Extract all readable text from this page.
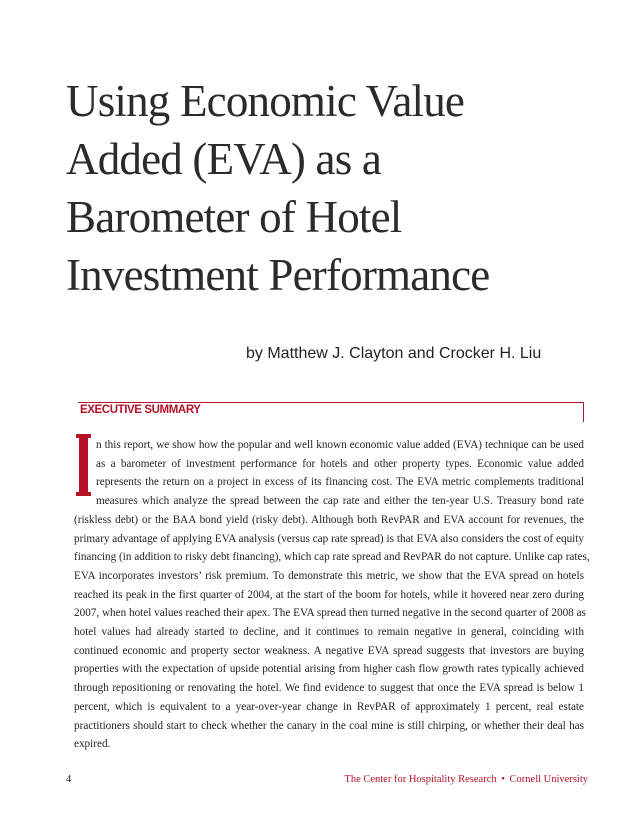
Using Economic Value
Added (EVA) as a
Barometer of Hotel
Investment Performance
by Matthew J. Clayton and Crocker H. Liu
EXECUTIVE SUMMARY
n this report, we show how the popular and well known economic value added (EVA) technique can be used
as a barometer of investment performance for hotels and other property types. Economic value added
represents the return on a project in excess of its financing cost. The EVA metric complements traditional
measures which analyze the spread between the cap rate and either the ten-year U.S. Treasury bond rate
(riskless debt) or the BAA bond yield (risky debt). Although both RevPAR and EVA account for revenues, the
primary advantage of applying EVA analysis (versus cap rate spread) is that EVA also considers the cost of equity
financing (in addition to risky debt financing), which cap rate spread and RevPAR do not capture. Unlike cap rates,
EVA incorporates investors’ risk premium. To demonstrate this metric, we show that the EVA spread on hotels
reached its peak in the first quarter of 2004, at the start of the boom for hotels, while it hovered near zero during
2007, when hotel values reached their apex. The EVA spread then turned negative in the second quarter of 2008 as
hotel values had already started to decline, and it continues to remain negative in general, coinciding with
continued economic and property sector weakness. A negative EVA spread suggests that investors are buying
properties with the expectation of upside potential arising from higher cash flow growth rates typically achieved
through repositioning or renovating the hotel. We find evidence to suggest that once the EVA spread is below 1
percent, which is equivalent to a year-over-year change in RevPAR of approximately 1 percent, real estate
practitioners should start to check whether the canary in the coal mine is still chirping, or whether their deal has
expired.
4	The Center for Hospitality Research • Cornell University
